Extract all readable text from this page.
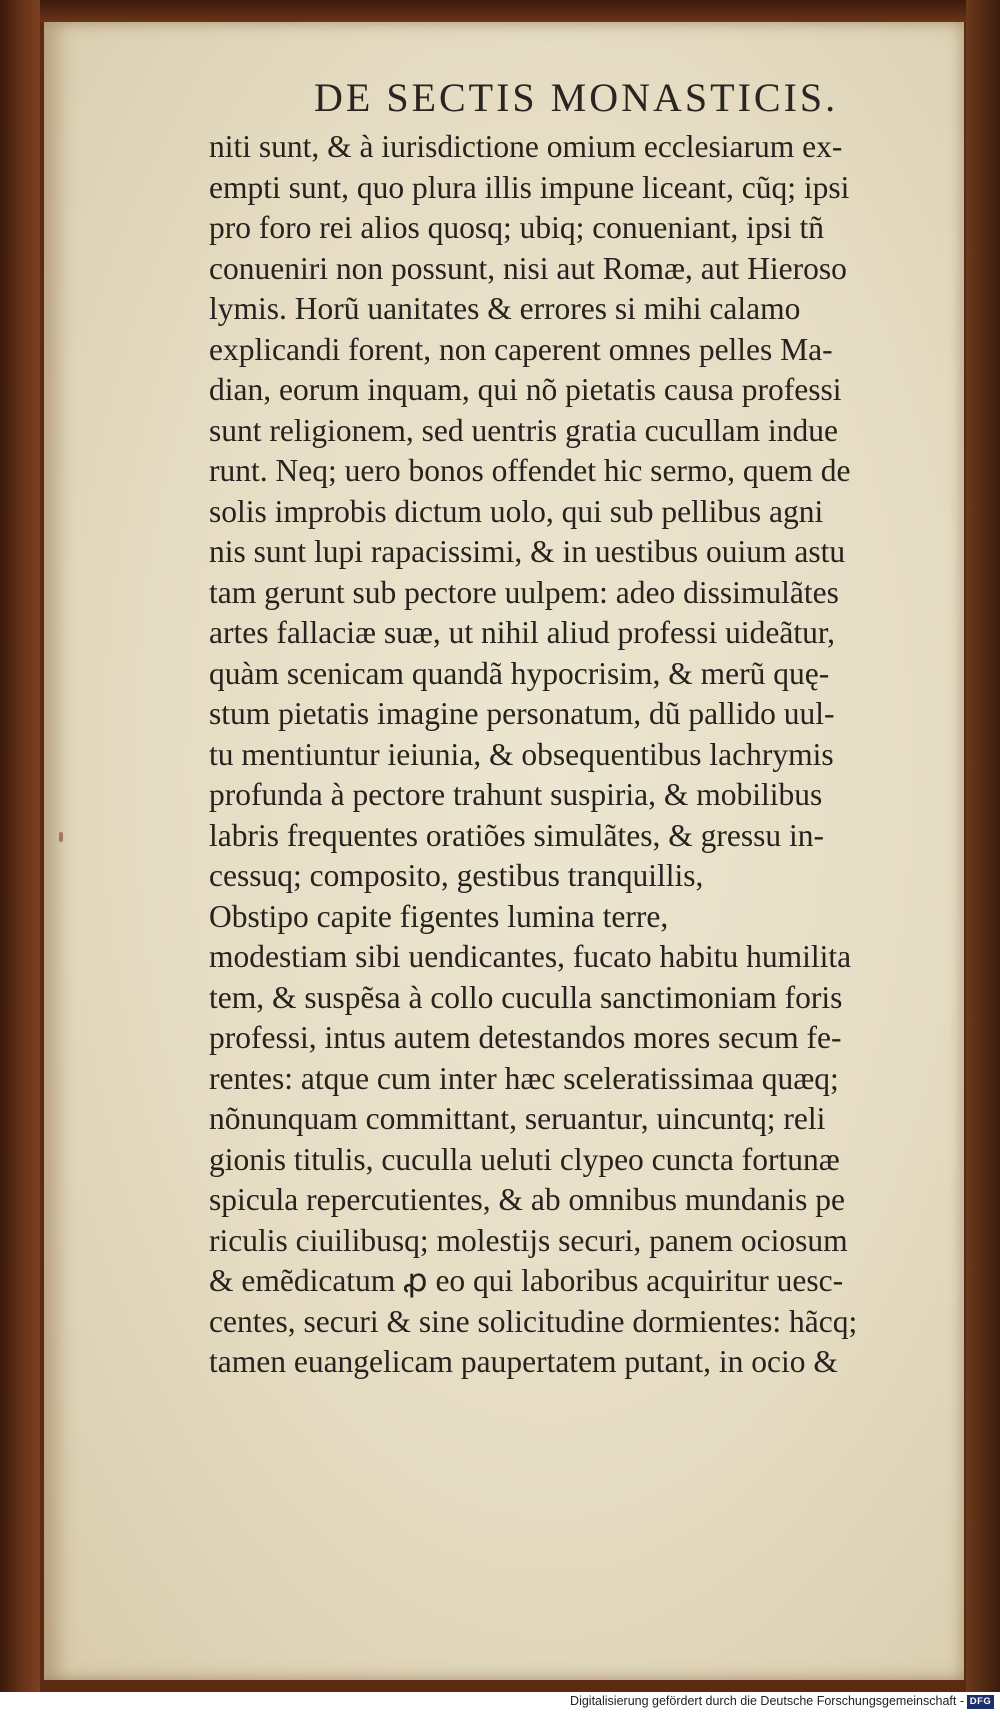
DE SECTIS MONASTICIS.
niti sunt, & à iurisdictione omium ecclesiarum ex-
empti sunt, quo plura illis impune liceant, cũq; ipsi
pro foro rei alios quosq; ubiq; conueniant, ipsi tñ
conueniri non possunt, nisi aut Romæ, aut Hieroso
lymis. Horũ uanitates & errores si mihi calamo
explicandi forent, non caperent omnes pelles Ma-
dian, eorum inquam, qui nõ pietatis causa professi
sunt religionem, sed uentris gratia cucullam indue
runt. Neq; uero bonos offendet hic sermo, quem de
solis improbis dictum uolo, qui sub pellibus agni
nis sunt lupi rapacissimi, & in uestibus ouium astu
tam gerunt sub pectore uulpem: adeo dissimulãtes
artes fallaciæ suæ, ut nihil aliud professi uideãtur,
quàm scenicam quandã hypocrisim, & merũ quę-
stum pietatis imagine personatum, dũ pallido uul-
tu mentiuntur ieiunia, & obsequentibus lachrymis
profunda à pectore trahunt suspiria, & mobilibus
labris frequentes oratiões simulãtes, & gressu in-
cessuq; composito, gestibus tranquillis,
Obstipo capite figentes lumina terre,
modestiam sibi uendicantes, fucato habitu humilita
tem, & suspẽsa à collo cuculla sanctimoniam foris
professi, intus autem detestandos mores secum fe-
rentes: atque cum inter hæc sceleratissimaa quæq;
nõnunquam committant, seruantur, uincuntq; reli
gionis titulis, cuculla ueluti clypeo cuncta fortunæ
spicula repercutientes, & ab omnibus mundanis pe
riculis ciuilibusq; molestijs securi, panem ociosum
& emẽdicatum ꝓ eo qui laboribus acquiritur uesc-
centes, securi & sine solicitudine dormientes: hãcq;
tamen euangelicam paupertatem putant, in ocio &
Digitalisierung gefördert durch die Deutsche Forschungsgemeinschaft - DFG
